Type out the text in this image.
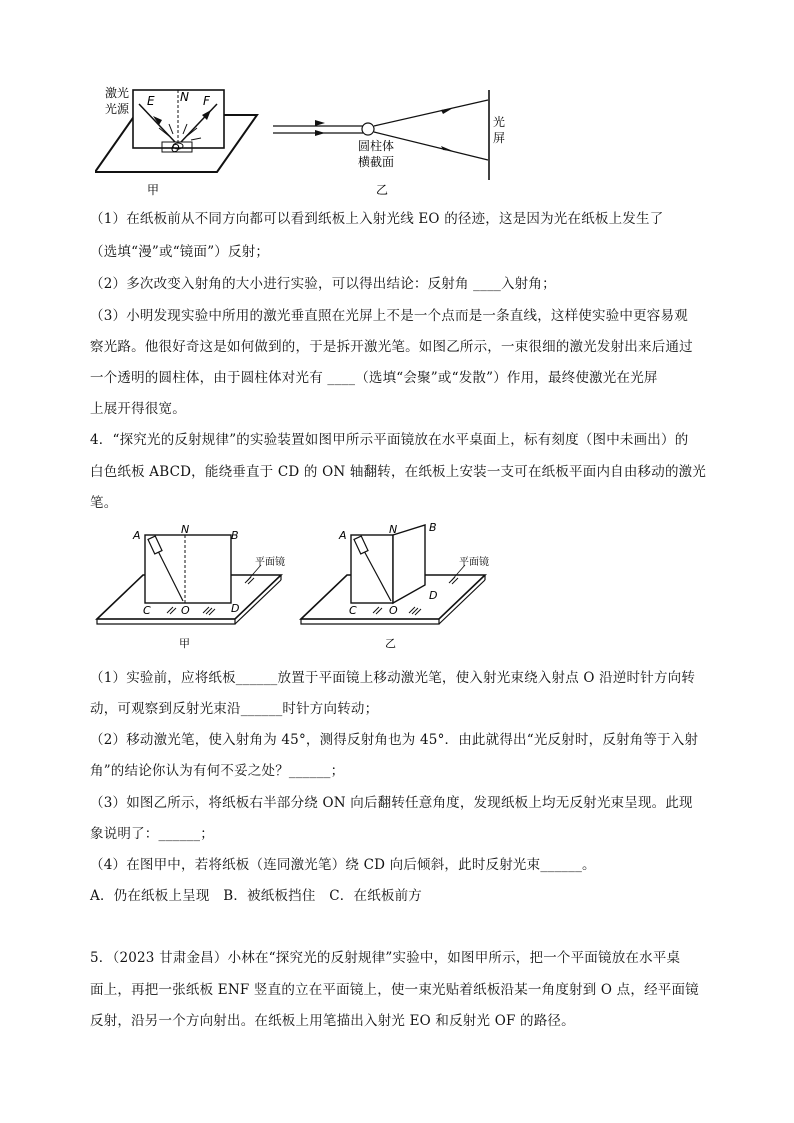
激光
光源
E N F
O
甲
圆柱体
横截面
光
屏
乙
（1）在纸板前从不同方向都可以看到纸板上入射光线 EO 的径迹，这是因为光在纸板上发生了
（选填“漫”或“镜面”）反射；
（2）多次改变入射角的大小进行实验，可以得出结论：反射角 ____入射角；
（3）小明发现实验中所用的激光垂直照在光屏上不是一个点而是一条直线，这样使实验中更容易观
察光路。他很好奇这是如何做到的，于是拆开激光笔。如图乙所示，一束很细的激光发射出来后通过
一个透明的圆柱体，由于圆柱体对光有 ____（选填“会聚”或“发散”）作用，最终使激光在光屏
上展开得很宽。
4．“探究光的反射规律”的实验装置如图甲所示平面镜放在水平桌面上，标有刻度（图中未画出）的
白色纸板 ABCD，能绕垂直于 CD 的 ON 轴翻转，在纸板上安装一支可在纸板平面内自由移动的激光
笔。
A	N	B
C	O	D
平面镜
甲
A	N	B
C	O
D
平面镜
乙
（1）实验前，应将纸板______放置于平面镜上移动激光笔，使入射光束绕入射点 O 沿逆时针方向转
动，可观察到反射光束沿______时针方向转动；
（2）移动激光笔，使入射角为 45°，测得反射角也为 45°．由此就得出“光反射时，反射角等于入射
角”的结论你认为有何不妥之处？______；
（3）如图乙所示，将纸板右半部分绕 ON 向后翻转任意角度，发现纸板上均无反射光束呈现。此现
象说明了：______；
（4）在图甲中，若将纸板（连同激光笔）绕 CD 向后倾斜，此时反射光束______。
A．仍在纸板上呈现　B．被纸板挡住　C．在纸板前方
5．（2023 甘肃金昌）小林在“探究光的反射规律”实验中，如图甲所示，把一个平面镜放在水平桌
面上，再把一张纸板 ENF 竖直的立在平面镜上，使一束光贴着纸板沿某一角度射到 O 点，经平面镜
反射，沿另一个方向射出。在纸板上用笔描出入射光 EO 和反射光 OF 的路径。
